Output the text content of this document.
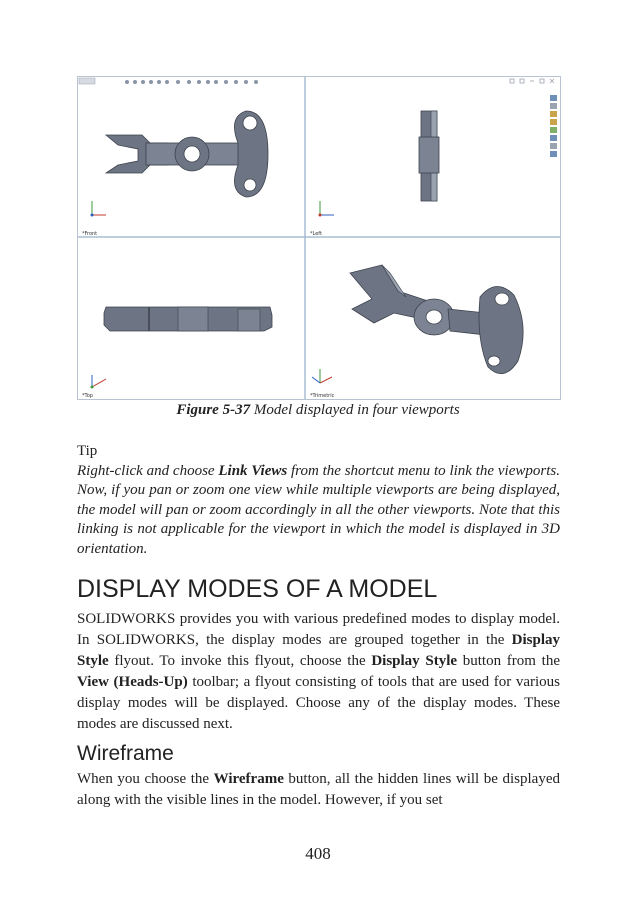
*Front	*Left
*Top	*Trimetric
Figure 5-37 Model displayed in four viewports
Tip

Right-click and choose Link Views from the shortcut menu to link the viewports. Now, if you pan or zoom one view while multiple viewports are being displayed, the model will pan or zoom accordingly in all the other viewports. Note that this linking is not applicable for the viewport in which the model is displayed in 3D orientation.

DISPLAY MODES OF A MODEL

SOLIDWORKS provides you with various predefined modes to display model. In SOLIDWORKS, the display modes are grouped together in the Display Style flyout. To invoke this flyout, choose the Display Style button from the View (Heads-Up) toolbar; a flyout consisting of tools that are used for various display modes will be displayed. Choose any of the display modes. These modes are discussed next.

Wireframe

When you choose the Wireframe button, all the hidden lines will be displayed along with the visible lines in the model. However, if you set

408
